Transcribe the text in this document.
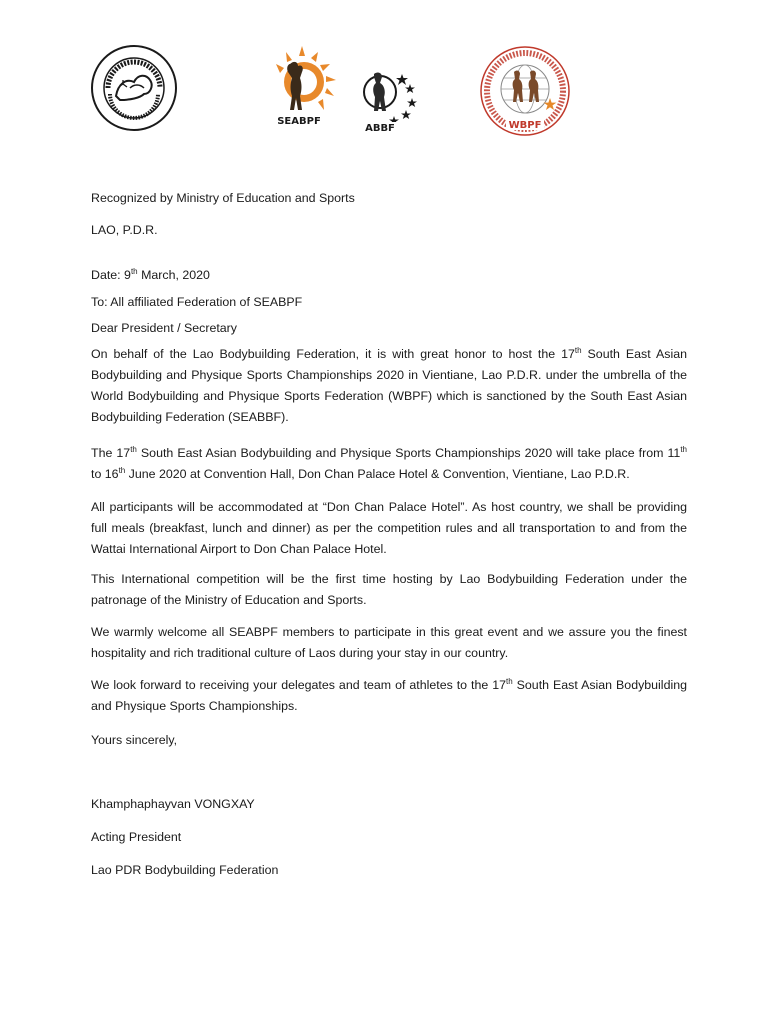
SEABPF
ABBF	WBPF
Recognized by Ministry of Education and Sports
LAO, P.D.R.
Date: 9th March, 2020
To: All affiliated Federation of SEABPF
Dear President / Secretary
On behalf of the Lao Bodybuilding Federation, it is with great honor to host the 17th South East Asian
Bodybuilding and Physique Sports Championships 2020 in Vientiane, Lao P.D.R. under the umbrella of the
World Bodybuilding and Physique Sports Federation (WBPF) which is sanctioned by the South East Asian
Bodybuilding Federation (SEABBF).
The 17th South East Asian Bodybuilding and Physique Sports Championships 2020 will take place from 11th
to 16th June 2020 at Convention Hall, Don Chan Palace Hotel & Convention, Vientiane, Lao P.D.R.
All participants will be accommodated at “Don Chan Palace Hotel”. As host country, we shall be providing
full meals (breakfast, lunch and dinner) as per the competition rules and all transportation to and from the
Wattai International Airport to Don Chan Palace Hotel.
This International competition will be the first time hosting by Lao Bodybuilding Federation under the
patronage of the Ministry of Education and Sports.
We warmly welcome all SEABPF members to participate in this great event and we assure you the finest
hospitality and rich traditional culture of Laos during your stay in our country.
We look forward to receiving your delegates and team of athletes to the 17th South East Asian Bodybuilding
and Physique Sports Championships.
Yours sincerely,
Khamphaphayvan VONGXAY
Acting President
Lao PDR Bodybuilding Federation
